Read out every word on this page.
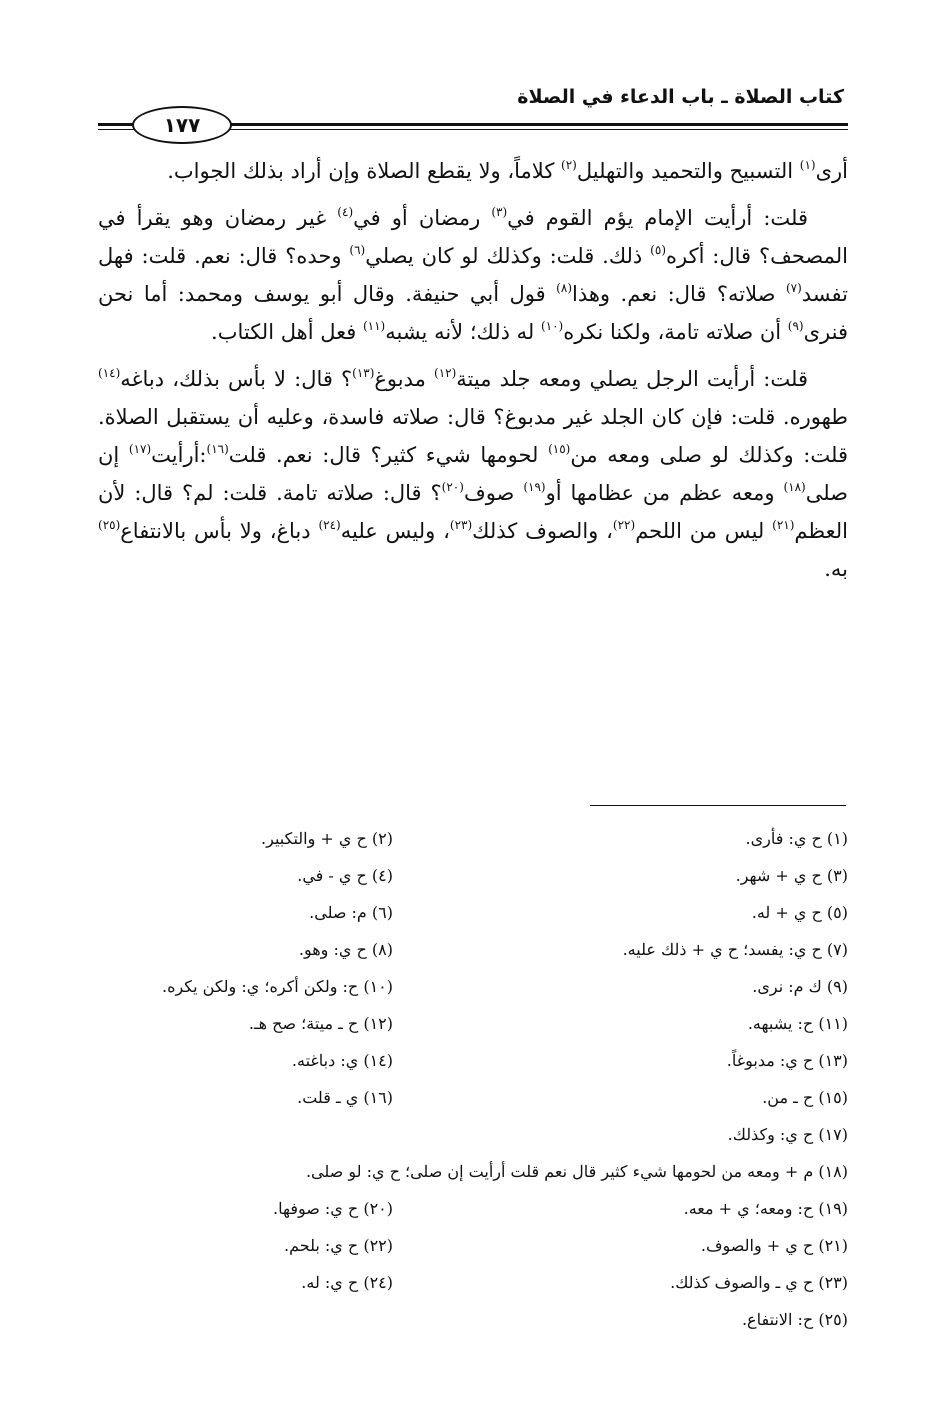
كتاب الصلاة ـ باب الدعاء في الصلاة
١٧٧

أرى$^{(١)}$ التسبيح والتحميد والتهليل$^{(٢)}$ كلاماً، ولا يقطع الصلاة وإن أراد بذلك الجواب.

قلت: أرأيت الإمام يؤم القوم في$^{(٣)}$ رمضان أو في$^{(٤)}$ غير رمضان وهو يقرأ في المصحف؟ قال: أكره$^{(٥)}$ ذلك. قلت: وكذلك لو كان يصلي$^{(٦)}$ وحده؟ قال: نعم. قلت: فهل تفسد$^{(٧)}$ صلاته؟ قال: نعم. وهذا$^{(٨)}$ قول أبي حنيفة. وقال أبو يوسف ومحمد: أما نحن فنرى$^{(٩)}$ أن صلاته تامة، ولكنا نكره$^{(١٠)}$ له ذلك؛ لأنه يشبه$^{(١١)}$ فعل أهل الكتاب.

قلت: أرأيت الرجل يصلي ومعه جلد ميتة$^{(١٢)}$ مدبوغ$^{(١٣)}$؟ قال: لا بأس بذلك، دباغه$^{(١٤)}$ طهوره. قلت: فإن كان الجلد غير مدبوغ؟ قال: صلاته فاسدة، وعليه أن يستقبل الصلاة. قلت: وكذلك لو صلى ومعه من$^{(١٥)}$ لحومها شيء كثير؟ قال: نعم. قلت$^{(١٦)}$:أرأيت$^{(١٧)}$ إن صلى$^{(١٨)}$ ومعه عظم من عظامها أو$^{(١٩)}$ صوف$^{(٢٠)}$؟ قال: صلاته تامة. قلت: لم؟ قال: لأن العظم$^{(٢١)}$ ليس من اللحم$^{(٢٢)}$، والصوف كذلك$^{(٢٣)}$، وليس عليه$^{(٢٤)}$ دباغ، ولا بأس بالانتفاع$^{(٢٥)}$ به.

(١) ح ي: فأرى.
(٢) ح ي + والتكبير.
(٣) ح ي + شهر.
(٤) ح ي - في.
(٥) ح ي + له.
(٦) م: صلى.
(٧) ح ي: يفسد؛ ح ي + ذلك عليه.
(٨) ح ي: وهو.
(٩) ك م: نرى.
(١٠) ح: ولكن أكره؛ ي: ولكن يكره.
(١١) ح: يشبهه.
(١٢) ح ـ ميتة؛ صح هـ.
(١٣) ح ي: مدبوغاً.
(١٤) ي: دباغته.
(١٥) ح ـ من.
(١٦) ي ـ قلت.
(١٧) ح ي: وكذلك.
(١٨) م + ومعه من لحومها شيء كثير قال نعم قلت أرأيت إن صلى؛ ح ي: لو صلى.
(١٩) ح: ومعه؛ ي + معه.
(٢٠) ح ي: صوفها.
(٢١) ح ي + والصوف.
(٢٢) ح ي: بلحم.
(٢٣) ح ي ـ والصوف كذلك.
(٢٤) ح ي: له.
(٢٥) ح: الانتفاع.
